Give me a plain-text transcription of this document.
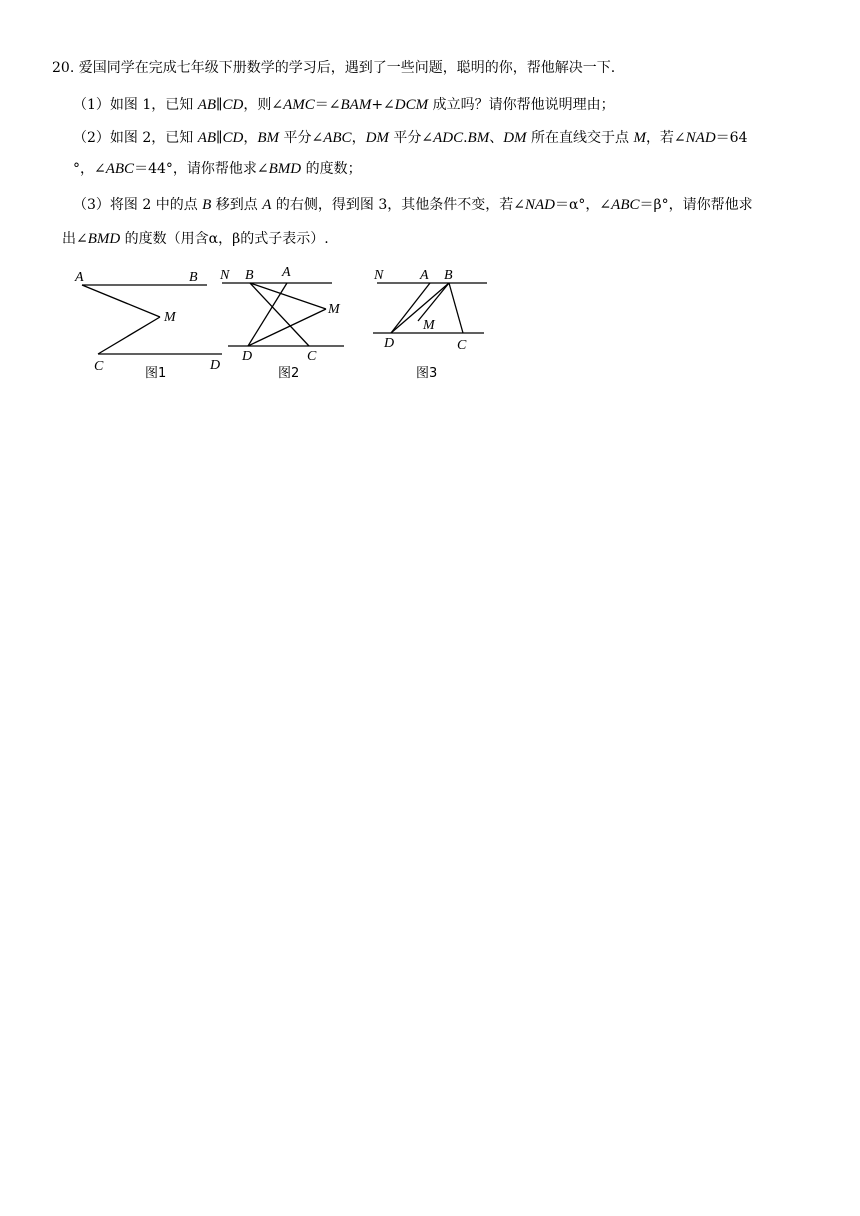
20. 爱国同学在完成七年级下册数学的学习后，遇到了一些问题，聪明的你，帮他解决一下.
（1）如图 1，已知 AB∥CD，则∠AMC＝∠BAM+∠DCM 成立吗？请你帮他说明理由；
（2）如图 2，已知 AB∥CD，BM 平分∠ABC，DM 平分∠ADC.BM、DM 所在直线交于点 M，若∠NAD＝64
°，∠ABC＝44°，请你帮他求∠BMD 的度数；
（3）将图 2 中的点 B 移到点 A 的右侧，得到图 3，其他条件不变，若∠NAD＝α°，∠ABC＝β°，请你帮他求
出∠BMD 的度数（用含α，β的式子表示）.
A	B
M
C	D
图1
N B A
M
D	C
图2
N	A B
M
D	C
图3
